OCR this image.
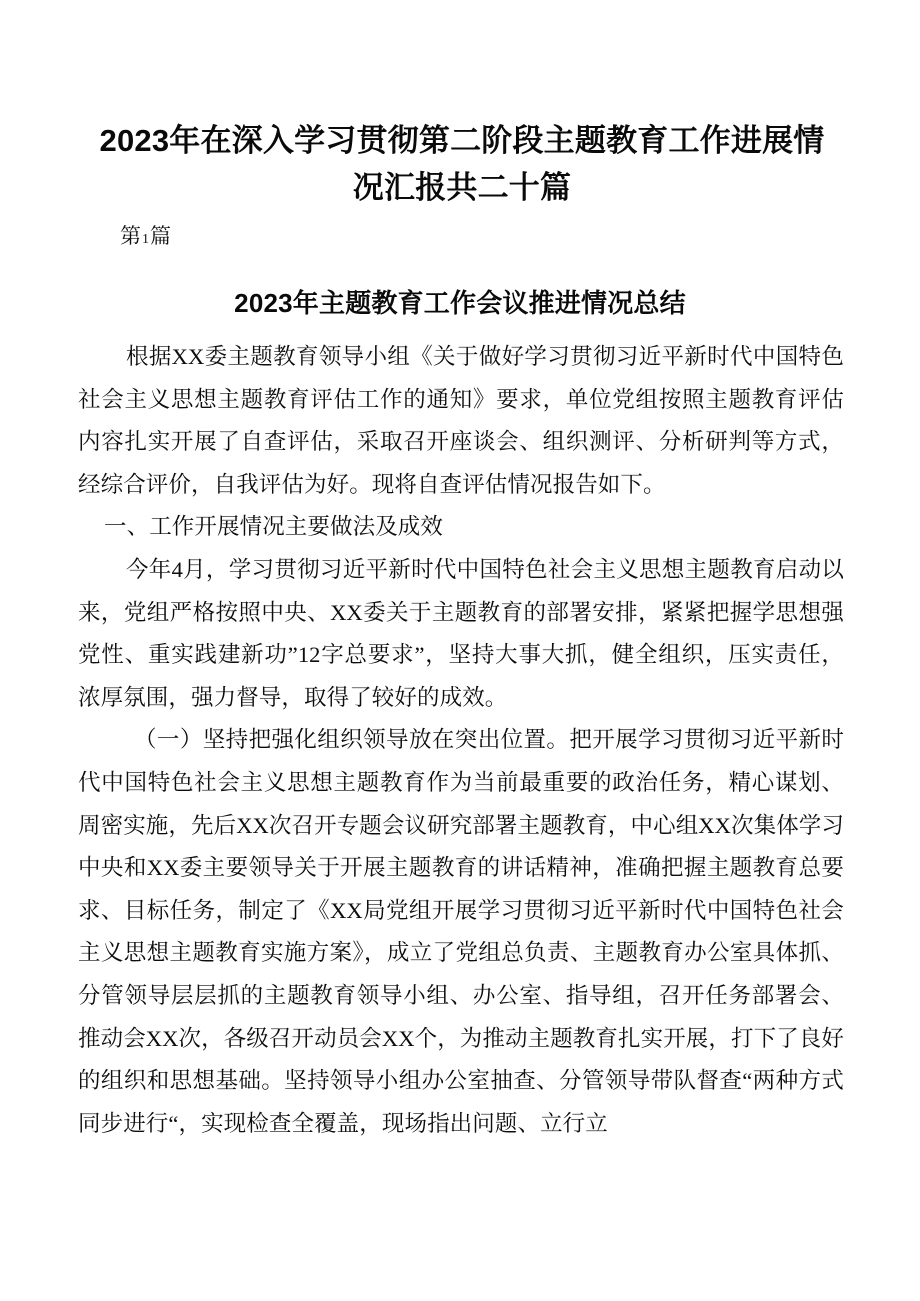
2023年在深入学习贯彻第二阶段主题教育工作进展情况汇报共二十篇
第1篇
2023年主题教育工作会议推进情况总结

根据XX委主题教育领导小组《关于做好学习贯彻习近平新时代中国特色社会主义思想主题教育评估工作的通知》要求，单位党组按照主题教育评估内容扎实开展了自查评估，采取召开座谈会、组织测评、分析研判等方式，经综合评价，自我评估为好。现将自查评估情况报告如下。

一、工作开展情况主要做法及成效

今年4月，学习贯彻习近平新时代中国特色社会主义思想主题教育启动以来，党组严格按照中央、XX委关于主题教育的部署安排，紧紧把握学思想强党性、重实践建新功”12字总要求”，坚持大事大抓，健全组织，压实责任，浓厚氛围，强力督导，取得了较好的成效。

（一）坚持把强化组织领导放在突出位置。把开展学习贯彻习近平新时代中国特色社会主义思想主题教育作为当前最重要的政治任务，精心谋划、周密实施，先后XX次召开专题会议研究部署主题教育，中心组XX次集体学习中央和XX委主要领导关于开展主题教育的讲话精神，准确把握主题教育总要求、目标任务，制定了《XX局党组开展学习贯彻习近平新时代中国特色社会主义思想主题教育实施方案》，成立了党组总负责、主题教育办公室具体抓、分管领导层层抓的主题教育领导小组、办公室、指导组，召开任务部署会、推动会XX次，各级召开动员会XX个，为推动主题教育扎实开展，打下了良好的组织和思想基础。坚持领导小组办公室抽查、分管领导带队督查“两种方式同步进行“，实现检查全覆盖，现场指出问题、立行立
